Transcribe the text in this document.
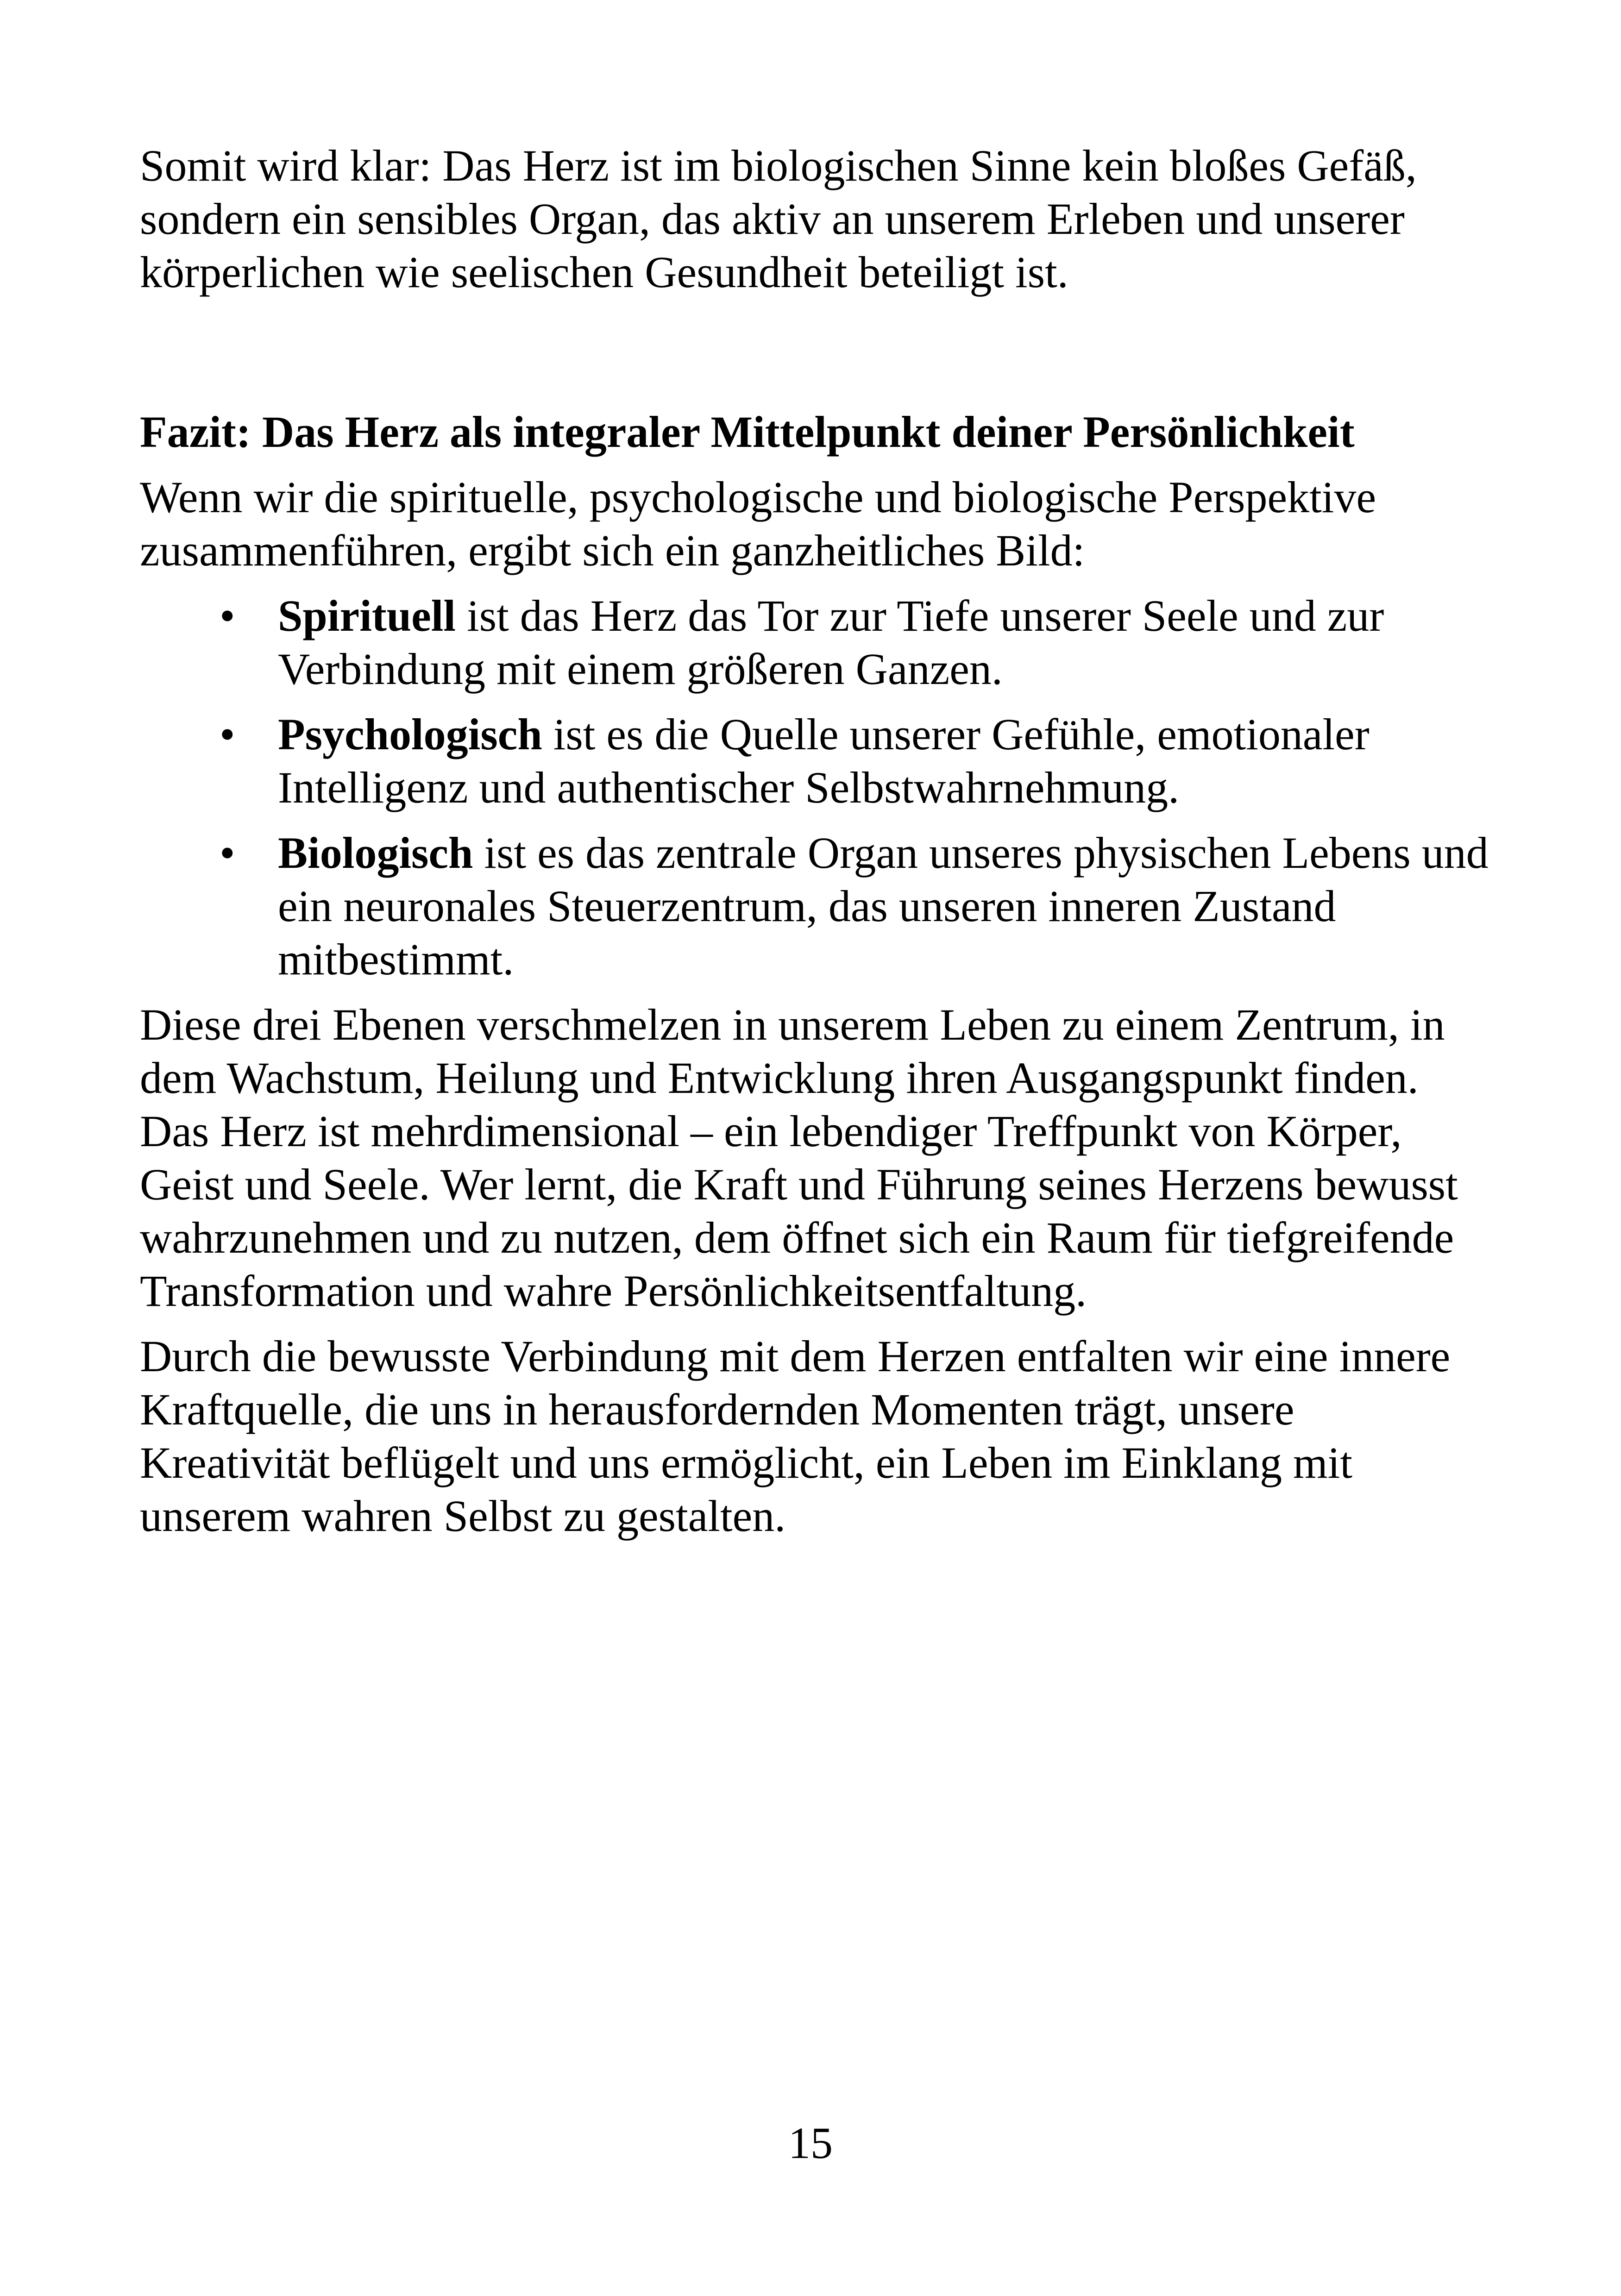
Somit wird klar: Das Herz ist im biologischen Sinne kein bloßes Gefäß, sondern ein sensibles Organ, das aktiv an unserem Erleben und unserer körperlichen wie seelischen Gesundheit beteiligt ist.

Fazit: Das Herz als integraler Mittelpunkt deiner Persönlichkeit

Wenn wir die spirituelle, psychologische und biologische Perspektive zusammenführen, ergibt sich ein ganzheitliches Bild:

• Spirituell ist das Herz das Tor zur Tiefe unserer Seele und zur Verbindung mit einem größeren Ganzen.
• Psychologisch ist es die Quelle unserer Gefühle, emotionaler Intelligenz und authentischer Selbstwahrnehmung.
• Biologisch ist es das zentrale Organ unseres physischen Lebens und ein neuronales Steuerzentrum, das unseren inneren Zustand mitbestimmt.

Diese drei Ebenen verschmelzen in unserem Leben zu einem Zentrum, in dem Wachstum, Heilung und Entwicklung ihren Ausgangspunkt finden. Das Herz ist mehrdimensional – ein lebendiger Treffpunkt von Körper, Geist und Seele. Wer lernt, die Kraft und Führung seines Herzens bewusst wahrzunehmen und zu nutzen, dem öffnet sich ein Raum für tiefgreifende Transformation und wahre Persönlichkeitsentfaltung.

Durch die bewusste Verbindung mit dem Herzen entfalten wir eine innere Kraftquelle, die uns in herausfordernden Momenten trägt, unsere Kreativität beflügelt und uns ermöglicht, ein Leben im Einklang mit unserem wahren Selbst zu gestalten.

15
